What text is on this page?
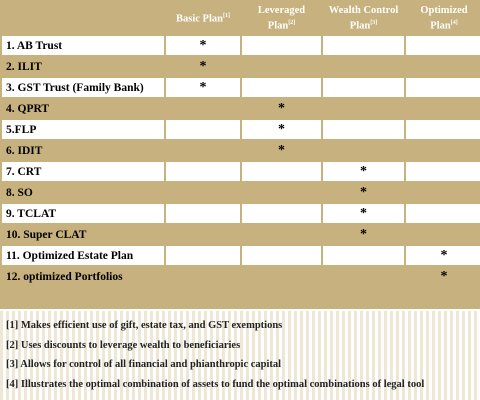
	Basic Plan[1]	Leveraged Plan[2]	Wealth Control Plan[3]	Optimized Plan[4]
1. AB Trust	*			
2. ILIT	*			
3. GST Trust (Family Bank)	*			
4. QPRT		*		
5.FLP		*		
6. IDIT		*		
7. CRT			*	
8. SO			*	
9. TCLAT			*	
10. Super CLAT			*	
11. Optimized Estate Plan				*
12. optimized Portfolios				*
[1] Makes efficient use of gift, estate tax, and GST exemptions
[2] Uses discounts to leverage wealth to beneficiaries
[3] Allows for control of all financial and phianthropic capital
[4] Illustrates the optimal combination of assets to fund the optimal combinations of legal tool
